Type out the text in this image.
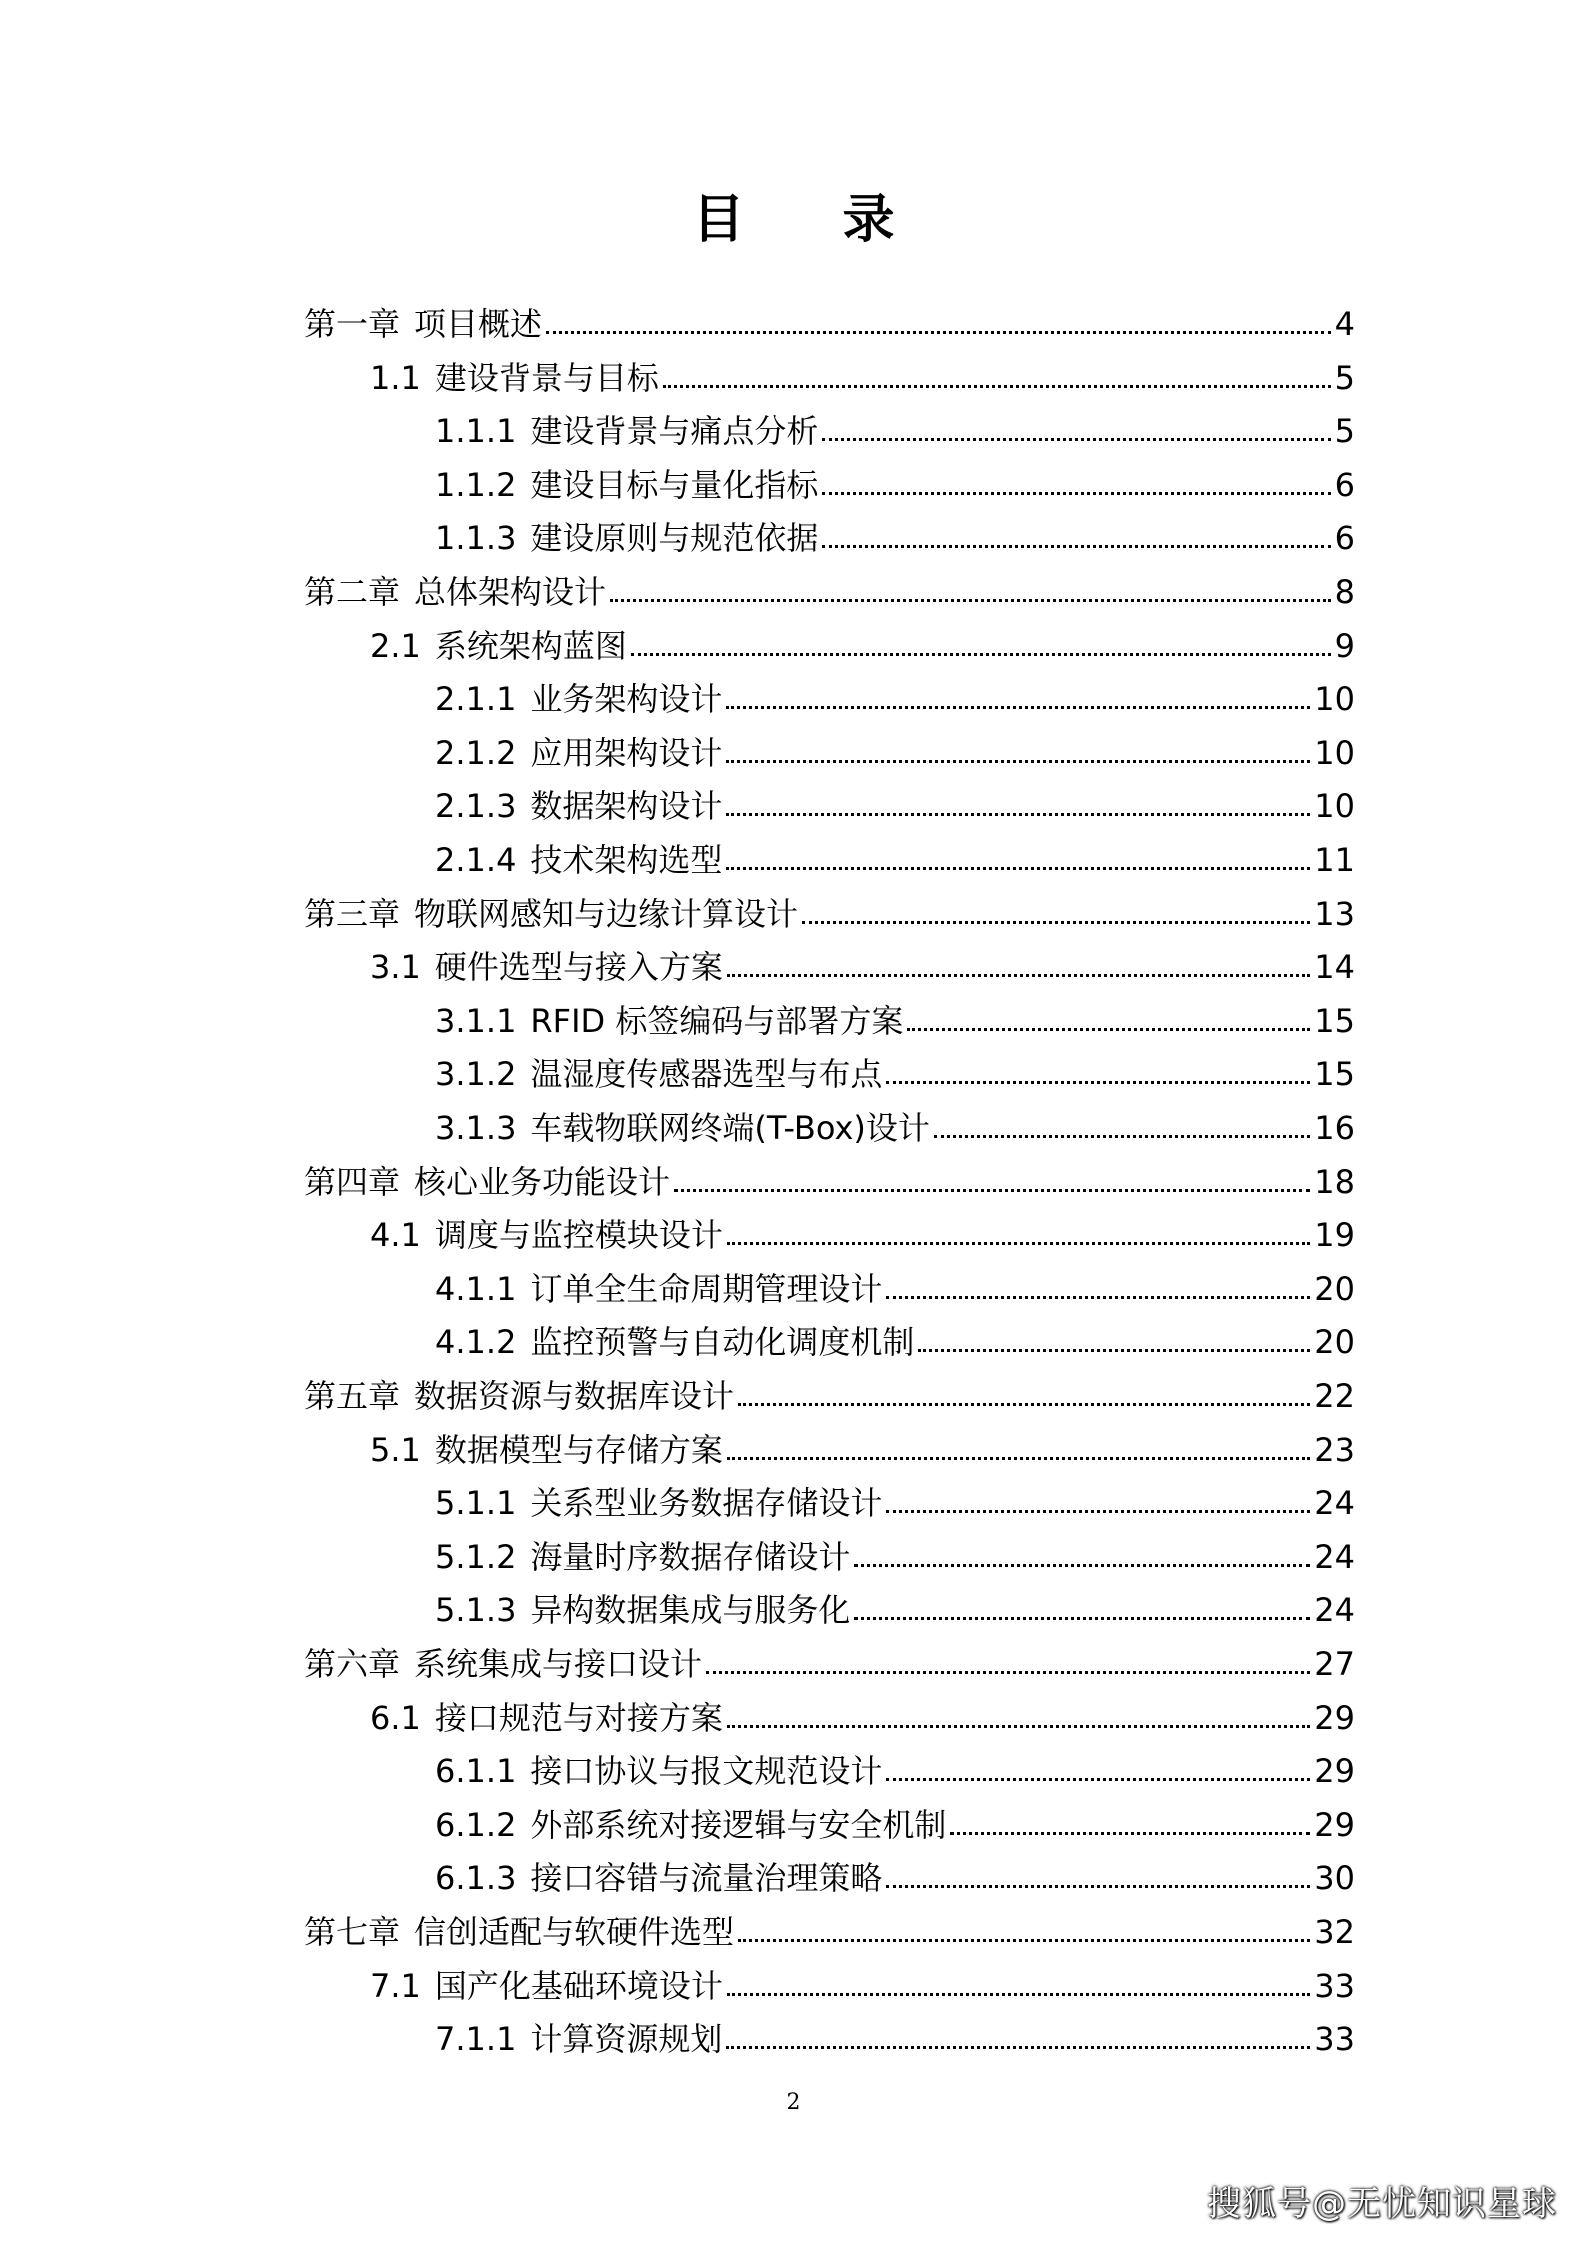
目 录
第一章 项目概述	4
1.1 建设背景与目标	5
1.1.1 建设背景与痛点分析	5
1.1.2 建设目标与量化指标	6
1.1.3 建设原则与规范依据	6
第二章 总体架构设计	8
2.1 系统架构蓝图	9
2.1.1 业务架构设计	10
2.1.2 应用架构设计	10
2.1.3 数据架构设计	10
2.1.4 技术架构选型	11
第三章 物联网感知与边缘计算设计	13
3.1 硬件选型与接入方案	14
3.1.1 RFID 标签编码与部署方案	15
3.1.2 温湿度传感器选型与布点	15
3.1.3 车载物联网终端(T-Box)设计	16
第四章 核心业务功能设计	18
4.1 调度与监控模块设计	19
4.1.1 订单全生命周期管理设计	20
4.1.2 监控预警与自动化调度机制	20
第五章 数据资源与数据库设计	22
5.1 数据模型与存储方案	23
5.1.1 关系型业务数据存储设计	24
5.1.2 海量时序数据存储设计	24
5.1.3 异构数据集成与服务化	24
第六章 系统集成与接口设计	27
6.1 接口规范与对接方案	29
6.1.1 接口协议与报文规范设计	29
6.1.2 外部系统对接逻辑与安全机制	29
6.1.3 接口容错与流量治理策略	30
第七章 信创适配与软硬件选型	32
7.1 国产化基础环境设计	33
7.1.1 计算资源规划	33
2
搜狐号@无忧知识星球
